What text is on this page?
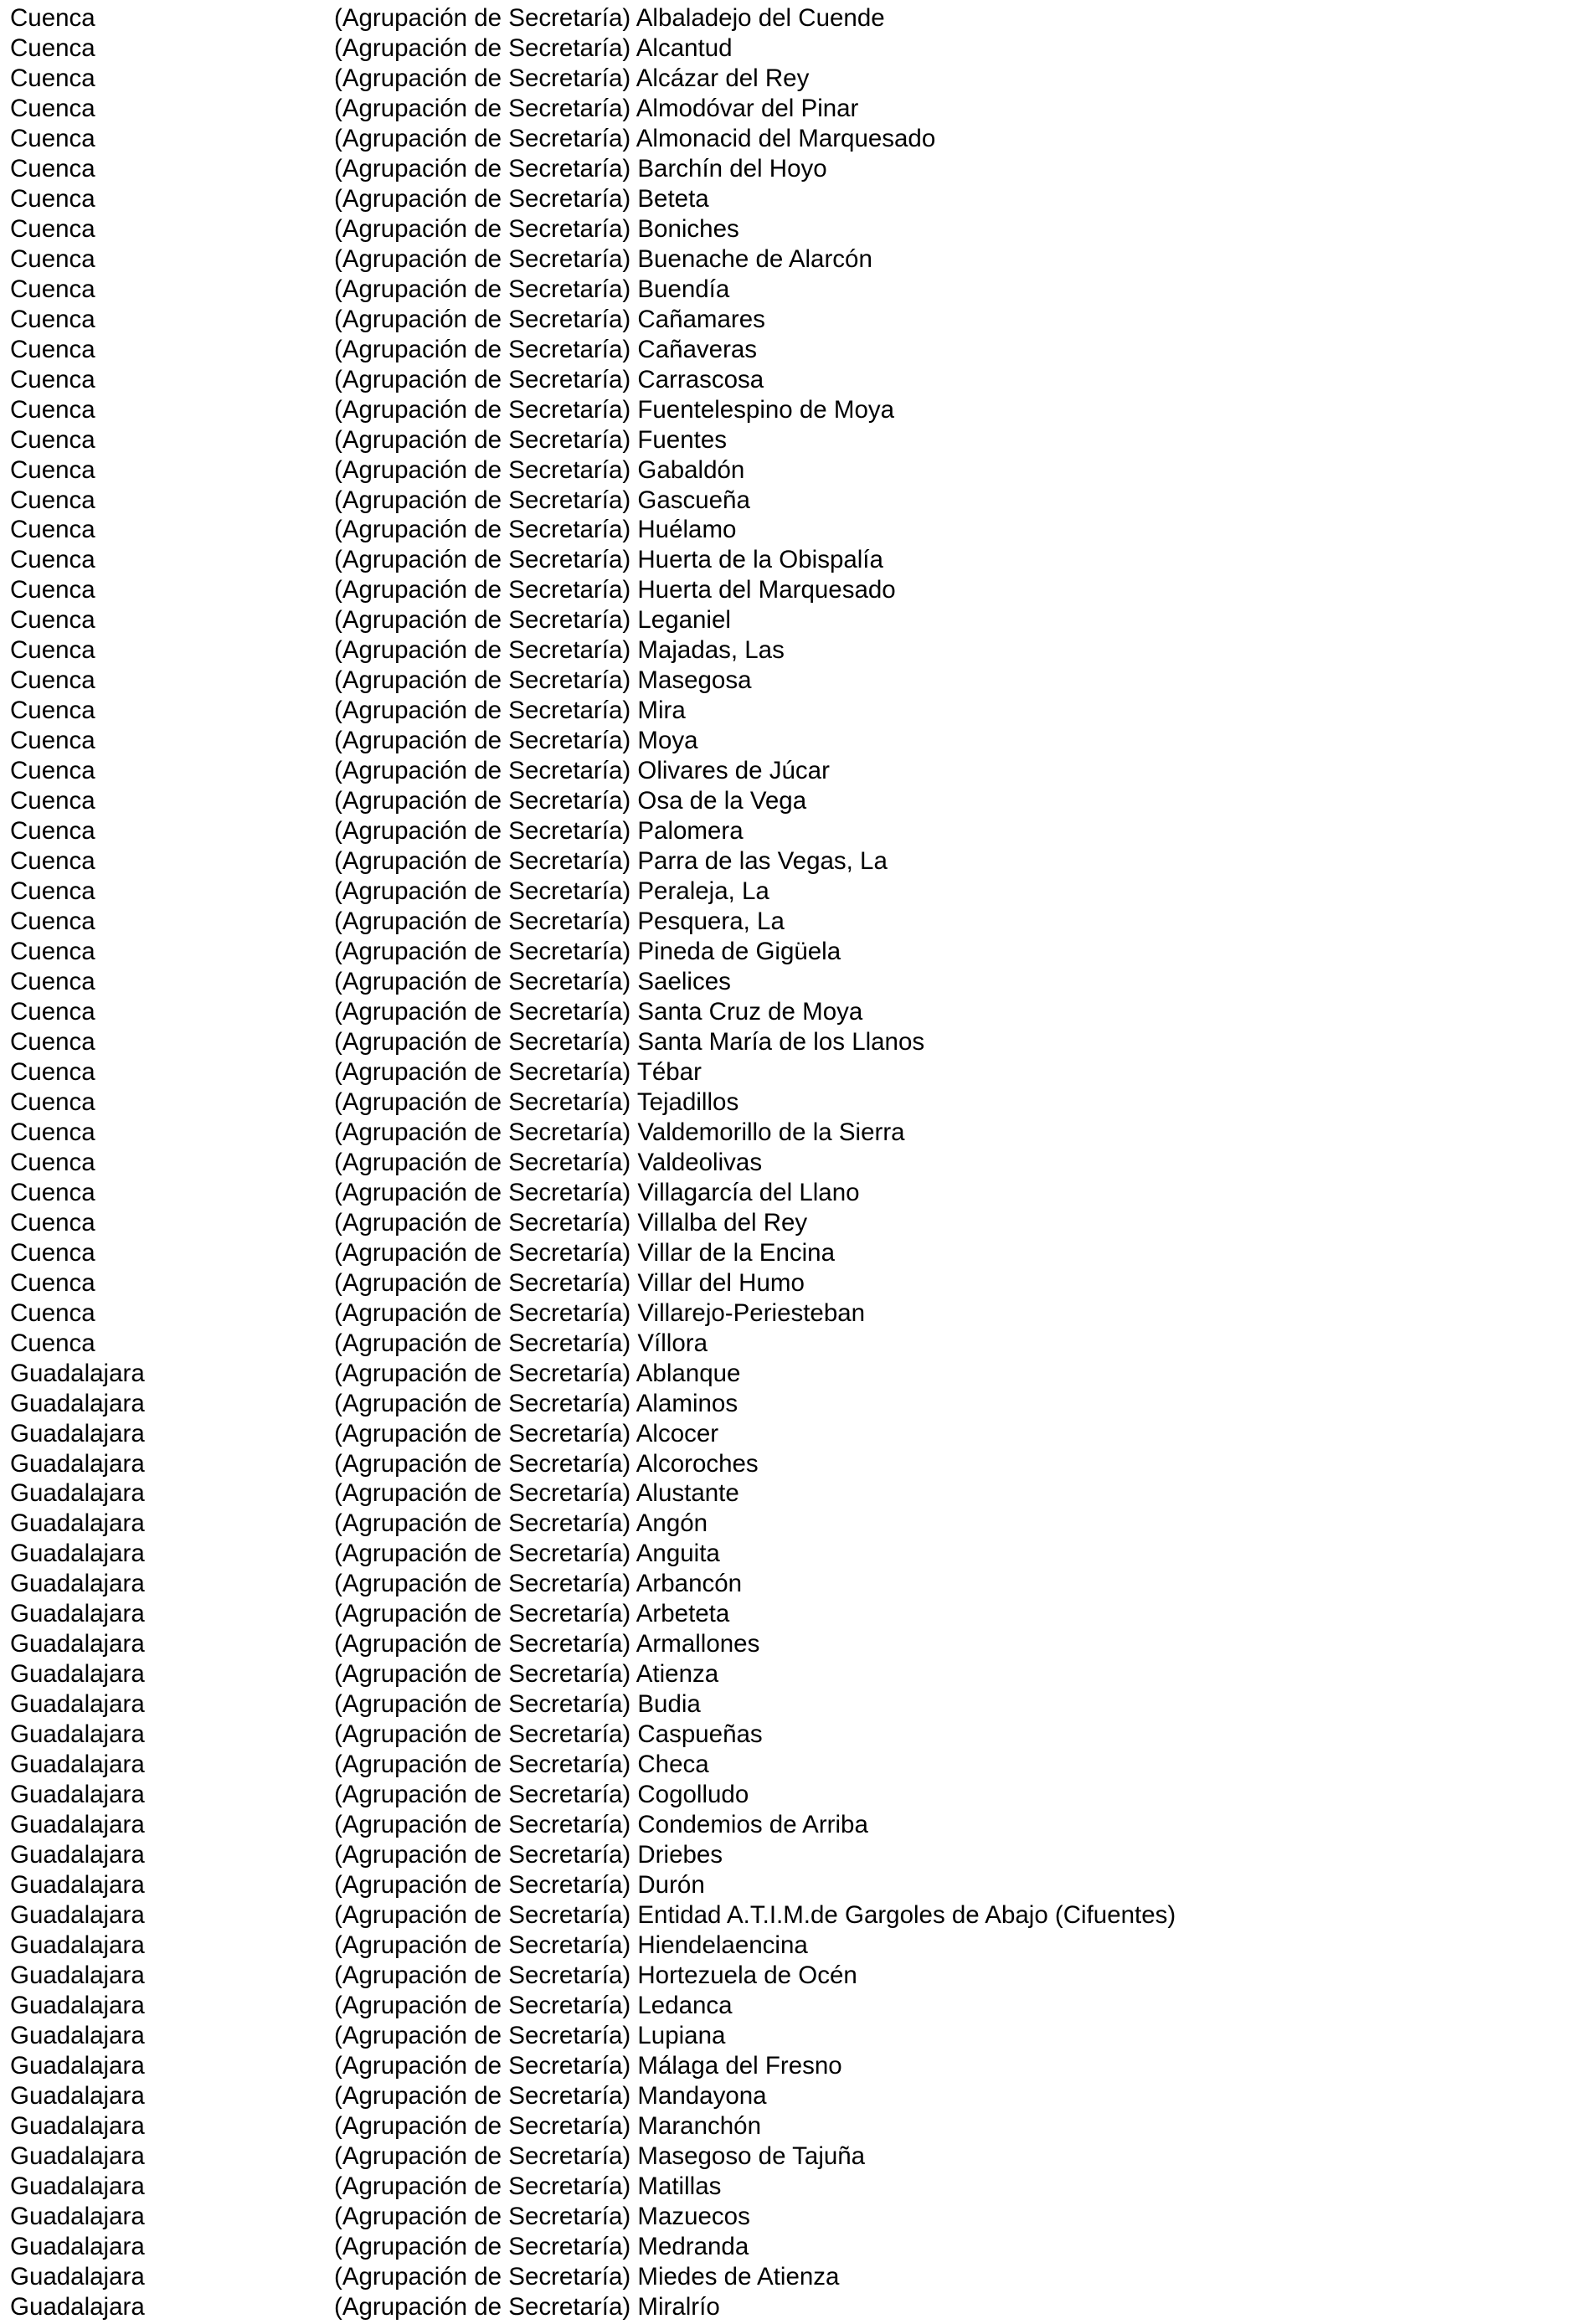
Cuenca	(Agrupación de Secretaría) Albaladejo del Cuende
Cuenca	(Agrupación de Secretaría) Alcantud
Cuenca	(Agrupación de Secretaría) Alcázar del Rey
Cuenca	(Agrupación de Secretaría) Almodóvar del Pinar
Cuenca	(Agrupación de Secretaría) Almonacid del Marquesado
Cuenca	(Agrupación de Secretaría) Barchín del Hoyo
Cuenca	(Agrupación de Secretaría) Beteta
Cuenca	(Agrupación de Secretaría) Boniches
Cuenca	(Agrupación de Secretaría) Buenache de Alarcón
Cuenca	(Agrupación de Secretaría) Buendía
Cuenca	(Agrupación de Secretaría) Cañamares
Cuenca	(Agrupación de Secretaría) Cañaveras
Cuenca	(Agrupación de Secretaría) Carrascosa
Cuenca	(Agrupación de Secretaría) Fuentelespino de Moya
Cuenca	(Agrupación de Secretaría) Fuentes
Cuenca	(Agrupación de Secretaría) Gabaldón
Cuenca	(Agrupación de Secretaría) Gascueña
Cuenca	(Agrupación de Secretaría) Huélamo
Cuenca	(Agrupación de Secretaría) Huerta de la Obispalía
Cuenca	(Agrupación de Secretaría) Huerta del Marquesado
Cuenca	(Agrupación de Secretaría) Leganiel
Cuenca	(Agrupación de Secretaría) Majadas, Las
Cuenca	(Agrupación de Secretaría) Masegosa
Cuenca	(Agrupación de Secretaría) Mira
Cuenca	(Agrupación de Secretaría) Moya
Cuenca	(Agrupación de Secretaría) Olivares de Júcar
Cuenca	(Agrupación de Secretaría) Osa de la Vega
Cuenca	(Agrupación de Secretaría) Palomera
Cuenca	(Agrupación de Secretaría) Parra de las Vegas, La
Cuenca	(Agrupación de Secretaría) Peraleja, La
Cuenca	(Agrupación de Secretaría) Pesquera, La
Cuenca	(Agrupación de Secretaría) Pineda de Gigüela
Cuenca	(Agrupación de Secretaría) Saelices
Cuenca	(Agrupación de Secretaría) Santa Cruz de Moya
Cuenca	(Agrupación de Secretaría) Santa María de los Llanos
Cuenca	(Agrupación de Secretaría) Tébar
Cuenca	(Agrupación de Secretaría) Tejadillos
Cuenca	(Agrupación de Secretaría) Valdemorillo de la Sierra
Cuenca	(Agrupación de Secretaría) Valdeolivas
Cuenca	(Agrupación de Secretaría) Villagarcía del Llano
Cuenca	(Agrupación de Secretaría) Villalba del Rey
Cuenca	(Agrupación de Secretaría) Villar de la Encina
Cuenca	(Agrupación de Secretaría) Villar del Humo
Cuenca	(Agrupación de Secretaría) Villarejo-Periesteban
Cuenca	(Agrupación de Secretaría) Víllora
Guadalajara	(Agrupación de Secretaría) Ablanque
Guadalajara	(Agrupación de Secretaría) Alaminos
Guadalajara	(Agrupación de Secretaría) Alcocer
Guadalajara	(Agrupación de Secretaría) Alcoroches
Guadalajara	(Agrupación de Secretaría) Alustante
Guadalajara	(Agrupación de Secretaría) Angón
Guadalajara	(Agrupación de Secretaría) Anguita
Guadalajara	(Agrupación de Secretaría) Arbancón
Guadalajara	(Agrupación de Secretaría) Arbeteta
Guadalajara	(Agrupación de Secretaría) Armallones
Guadalajara	(Agrupación de Secretaría) Atienza
Guadalajara	(Agrupación de Secretaría) Budia
Guadalajara	(Agrupación de Secretaría) Caspueñas
Guadalajara	(Agrupación de Secretaría) Checa
Guadalajara	(Agrupación de Secretaría) Cogolludo
Guadalajara	(Agrupación de Secretaría) Condemios de Arriba
Guadalajara	(Agrupación de Secretaría) Driebes
Guadalajara	(Agrupación de Secretaría) Durón
Guadalajara	(Agrupación de Secretaría) Entidad A.T.I.M.de Gargoles de Abajo (Cifuentes)
Guadalajara	(Agrupación de Secretaría) Hiendelaencina
Guadalajara	(Agrupación de Secretaría) Hortezuela de Océn
Guadalajara	(Agrupación de Secretaría) Ledanca
Guadalajara	(Agrupación de Secretaría) Lupiana
Guadalajara	(Agrupación de Secretaría) Málaga del Fresno
Guadalajara	(Agrupación de Secretaría) Mandayona
Guadalajara	(Agrupación de Secretaría) Maranchón
Guadalajara	(Agrupación de Secretaría) Masegoso de Tajuña
Guadalajara	(Agrupación de Secretaría) Matillas
Guadalajara	(Agrupación de Secretaría) Mazuecos
Guadalajara	(Agrupación de Secretaría) Medranda
Guadalajara	(Agrupación de Secretaría) Miedes de Atienza
Guadalajara	(Agrupación de Secretaría) Miralrío
